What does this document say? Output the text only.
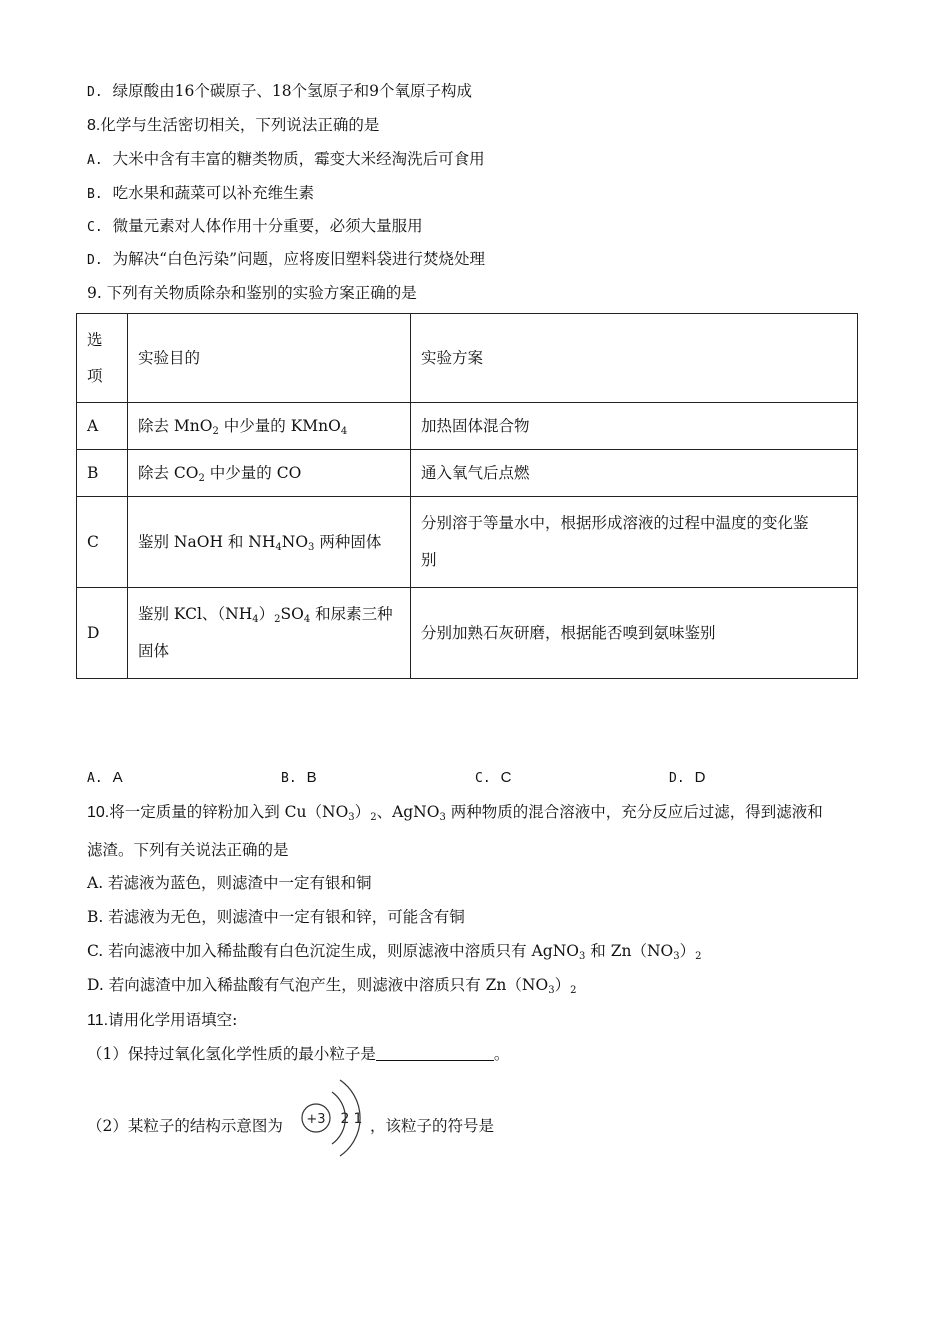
D. 绿原酸由16个碳原子、18个氢原子和9个氧原子构成
8.化学与生活密切相关，下列说法正确的是
A. 大米中含有丰富的糖类物质，霉变大米经淘洗后可食用
B. 吃水果和蔬菜可以补充维生素
C. 微量元素对人体作用十分重要，必须大量服用
D. 为解决“白色污染”问题，应将废旧塑料袋进行焚烧处理
9. 下列有关物质除杂和鉴别的实验方案正确的是
选
项	实验目的	实验方案
A	除去 MnO$_2$ 中少量的 KMnO$_4$	加热固体混合物
B	除去 $CO_2$ 中少量的 CO	通入氧气后点燃
C	鉴别 NaOH 和 $NH_4NO_3$ 两种固体	分别溶于等量水中，根据形成溶液的过程中温度的变化鉴
别
D	鉴别 KCl、$(NH_4)_2SO_4$ 和尿素三种
固体	分别加熟石灰研磨，根据能否嗅到氨味鉴别
A. A	B. B	C. C	D. D
10.将一定质量的锌粉加入到 $Cu(NO_3)_2$、AgNO$_3$ 两种物质的混合溶液中，充分反应后过滤，得到滤液和
滤渣。下列有关说法正确的是
A. 若滤液为蓝色，则滤渣中一定有银和铜
B. 若滤液为无色，则滤渣中一定有银和锌，可能含有铜
C. 若向滤液中加入稀盐酸有白色沉淀生成，则原滤液中溶质只有 AgNO$_3$ 和 $Zn(NO_3)_2$
D. 若向滤渣中加入稀盐酸有气泡产生，则滤液中溶质只有 $Zn(NO_3)_2$
11.请用化学用语填空:
（1）保持过氧化氢化学性质的最小粒子是	。
（2）某粒子的结构示意图为 +3 2 1 ，该粒子的符号是
